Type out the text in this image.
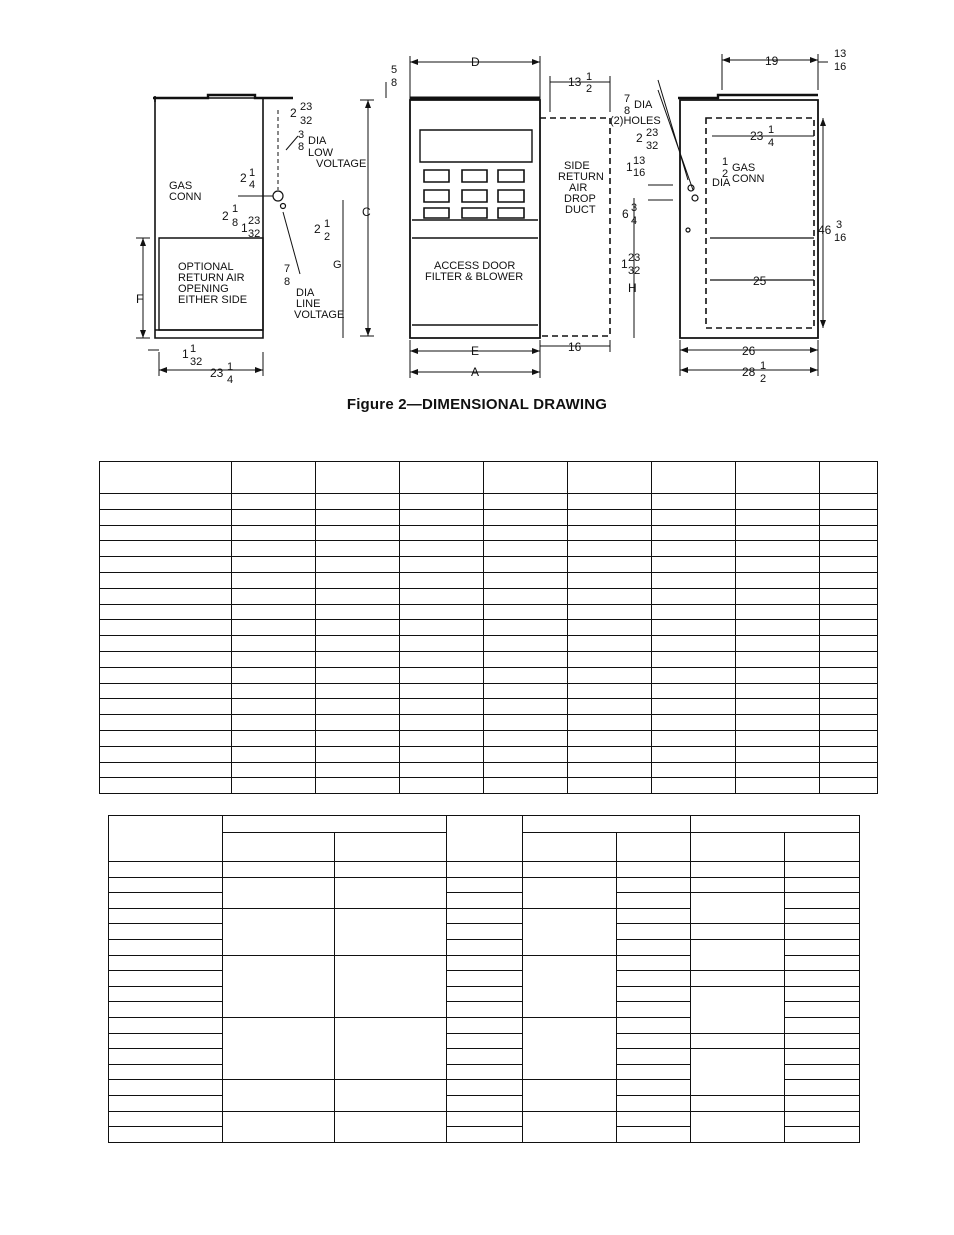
2 23
32
3
8 DIA
LOW
VOLTAGE
2 1
4
GAS
CONN
2 1
8 1 23
32	2 1
2
7
8
DIA
LINE
VOLTAGE
F
G
C
1 1
32
23 1
4
OPTIONAL
RETURN AIR
OPENING
EITHER SIDE
D
5
8
ACCESS DOOR
FILTER & BLOWER
E
A
13 1
2
SIDE
RETURN
AIR
DROP
DUCT
16
19	13
16
7
8 DIA
(2)HOLES
2 23
32
1 13
16
6 3
4
1 23
32
1
2 GAS
CONN
DIA
23 1
4
46 3
16
H	25
26
28 1
2
Figure 2—DIMENSIONAL DRAWING
